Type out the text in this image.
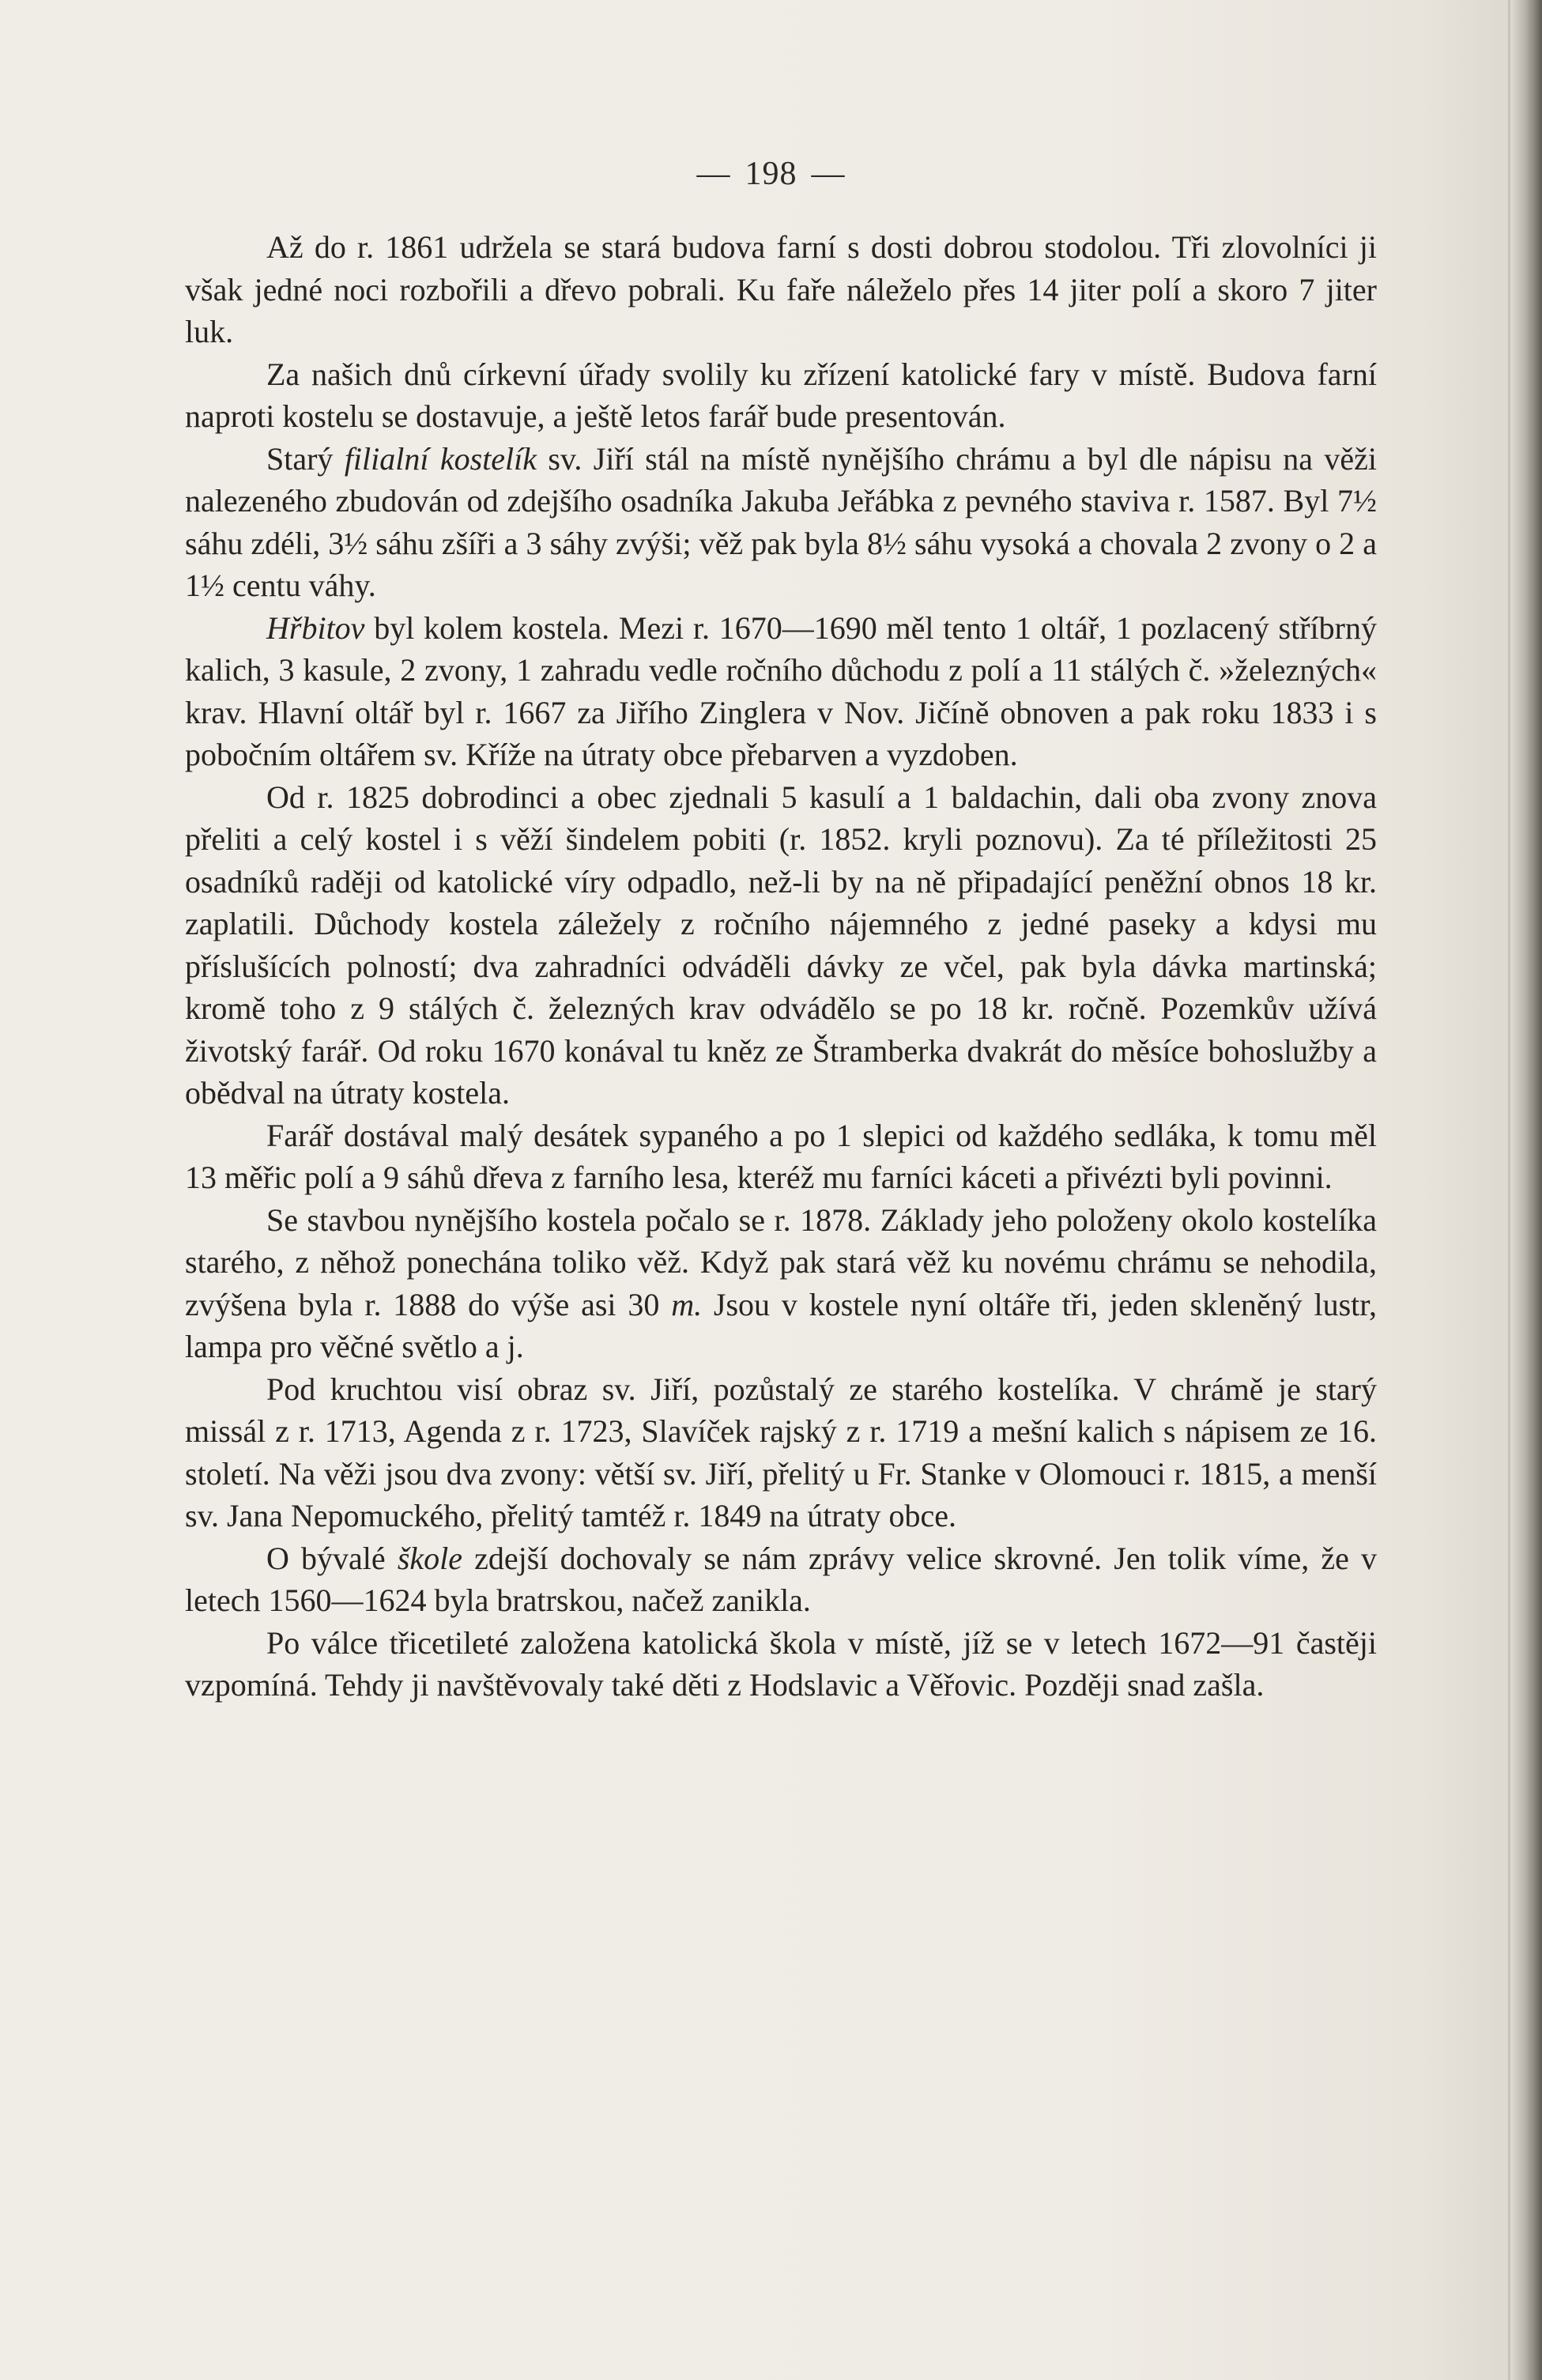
— 198 —

Až do r. 1861 udržela se stará budova farní s dosti dobrou stodolou. Tři zlovolníci ji však jedné noci rozbořili a dřevo pobrali. Ku faře náleželo přes 14 jiter polí a skoro 7 jiter luk.

Za našich dnů církevní úřady svolily ku zřízení katolické fary v místě. Budova farní naproti kostelu se dostavuje, a ještě letos farář bude presentován.

Starý filialní kostelík sv. Jiří stál na místě nynějšího chrámu a byl dle nápisu na věži nalezeného zbudován od zdejšího osadníka Jakuba Jeřábka z pevného staviva r. 1587. Byl 7½ sáhu zdéli, 3½ sáhu zšíři a 3 sáhy zvýši; věž pak byla 8½ sáhu vysoká a chovala 2 zvony o 2 a 1½ centu váhy.

Hřbitov byl kolem kostela. Mezi r. 1670—1690 měl tento 1 oltář, 1 pozlacený stříbrný kalich, 3 kasule, 2 zvony, 1 zahradu vedle ročního důchodu z polí a 11 stálých č. »železných« krav. Hlavní oltář byl r. 1667 za Jiřího Zinglera v Nov. Jičíně obnoven a pak roku 1833 i s pobočním oltářem sv. Kříže na útraty obce přebarven a vyzdoben.

Od r. 1825 dobrodinci a obec zjednali 5 kasulí a 1 baldachin, dali oba zvony znova přeliti a celý kostel i s věží šindelem pobiti (r. 1852. kryli poznovu). Za té příležitosti 25 osadníků raději od katolické víry odpadlo, než-li by na ně připadající peněžní obnos 18 kr. zaplatili. Důchody kostela záležely z ročního nájemného z jedné paseky a kdysi mu příslušících polností; dva zahradníci odváděli dávky ze včel, pak byla dávka martinská; kromě toho z 9 stálých č. železných krav odvádělo se po 18 kr. ročně. Pozemkův užívá životský farář. Od roku 1670 konával tu kněz ze Štramberka dvakrát do měsíce bohoslužby a obědval na útraty kostela.

Farář dostával malý desátek sypaného a po 1 slepici od každého sedláka, k tomu měl 13 měřic polí a 9 sáhů dřeva z farního lesa, kteréž mu farníci káceti a přivézti byli povinni.

Se stavbou nynějšího kostela počalo se r. 1878. Základy jeho položeny okolo kostelíka starého, z něhož ponechána toliko věž. Když pak stará věž ku novému chrámu se nehodila, zvýšena byla r. 1888 do výše asi 30 m. Jsou v kostele nyní oltáře tři, jeden skleněný lustr, lampa pro věčné světlo a j.

Pod kruchtou visí obraz sv. Jiří, pozůstalý ze starého kostelíka. V chrámě je starý missál z r. 1713, Agenda z r. 1723, Slavíček rajský z r. 1719 a mešní kalich s nápisem ze 16. století. Na věži jsou dva zvony: větší sv. Jiří, přelitý u Fr. Stanke v Olomouci r. 1815, a menší sv. Jana Nepomuckého, přelitý tamtéž r. 1849 na útraty obce.

O bývalé škole zdejší dochovaly se nám zprávy velice skrovné. Jen tolik víme, že v letech 1560—1624 byla bratrskou, načež zanikla.

Po válce třicetileté založena katolická škola v místě, jíž se v letech 1672—91 častěji vzpomíná. Tehdy ji navštěvovaly také děti z Hodslavic a Věřovic. Později snad zašla.
